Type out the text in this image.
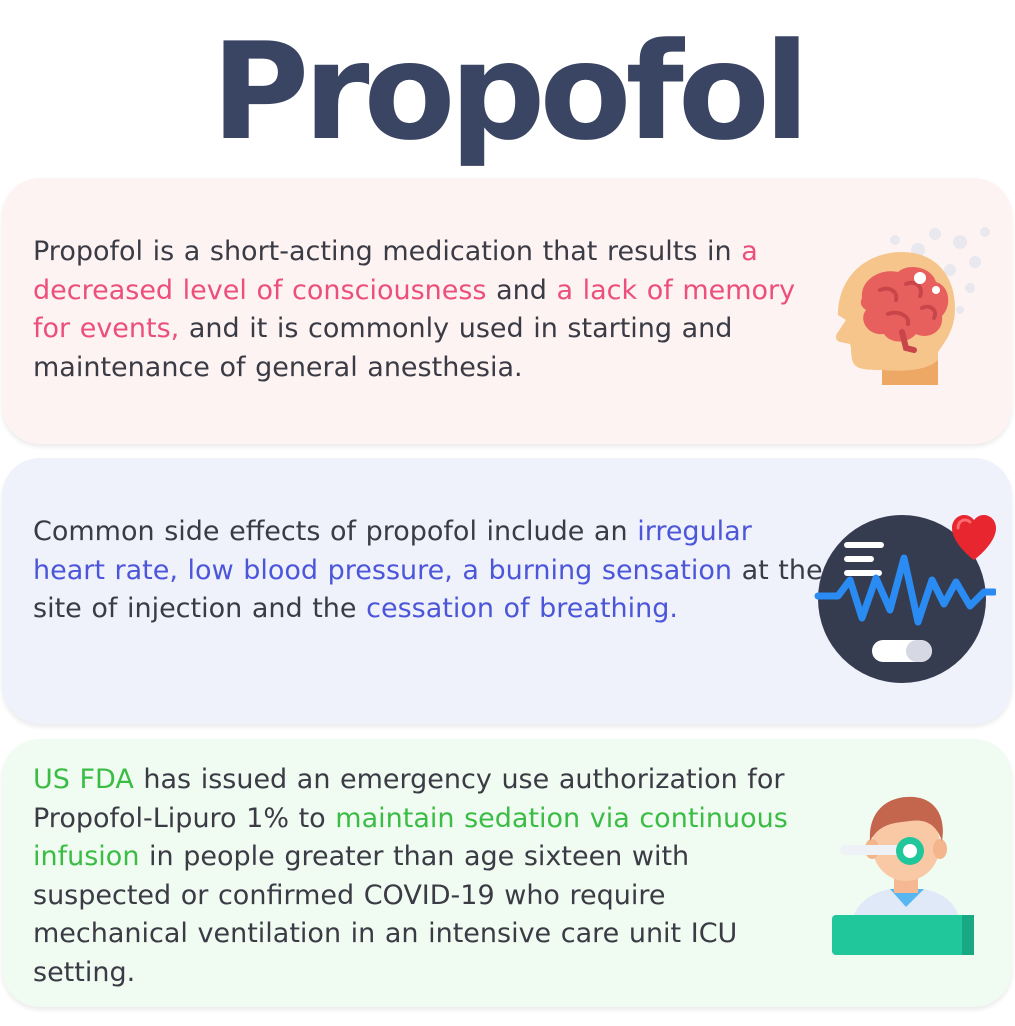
Propofol
Propofol is a short-acting medication that results in a decreased level of consciousness and a lack of memory for events, and it is commonly used in starting and maintenance of general anesthesia.
Common side effects of propofol include an irregular heart rate, low blood pressure, a burning sensation at the site of injection and the cessation of breathing.
US FDA has issued an emergency use authorization for Propofol-Lipuro 1% to maintain sedation via continuous infusion in people greater than age sixteen with suspected or confirmed COVID-19 who require mechanical ventilation in an intensive care unit ICU setting.
